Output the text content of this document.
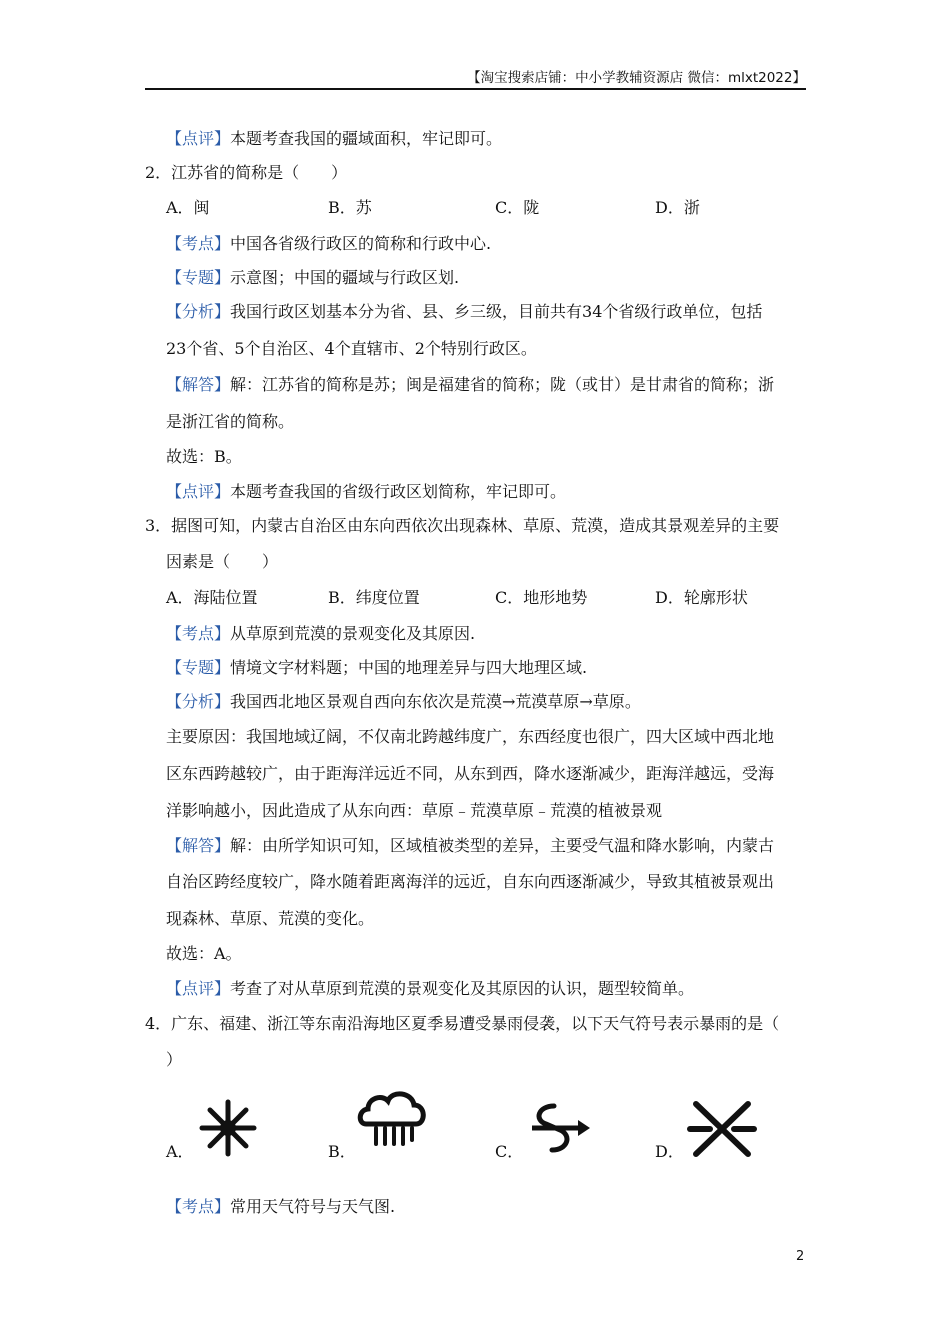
【淘宝搜索店铺：中小学教辅资源店 微信：mlxt2022】
【点评】本题考查我国的疆域面积，牢记即可。
2．江苏省的简称是（　　）
A．闽	B．苏	C．陇	D．浙
【考点】中国各省级行政区的简称和行政中心.
【专题】示意图；中国的疆域与行政区划.
【分析】我国行政区划基本分为省、县、乡三级，目前共有34个省级行政单位，包括
23个省、5个自治区、4个直辖市、2个特别行政区。
【解答】解：江苏省的简称是苏；闽是福建省的简称；陇（或甘）是甘肃省的简称；浙
是浙江省的简称。
故选：B。
【点评】本题考查我国的省级行政区划简称，牢记即可。
3．据图可知，内蒙古自治区由东向西依次出现森林、草原、荒漠，造成其景观差异的主要
因素是（　　）
A．海陆位置	B．纬度位置	C．地形地势	D．轮廓形状
【考点】从草原到荒漠的景观变化及其原因.
【专题】情境文字材料题；中国的地理差异与四大地理区域.
【分析】我国西北地区景观自西向东依次是荒漠→荒漠草原→草原。
主要原因：我国地域辽阔，不仅南北跨越纬度广，东西经度也很广，四大区域中西北地
区东西跨越较广，由于距海洋远近不同，从东到西，降水逐渐减少，距海洋越远，受海
洋影响越小，因此造成了从东向西：草原﹣荒漠草原﹣荒漠的植被景观
【解答】解：由所学知识可知，区域植被类型的差异，主要受气温和降水影响，内蒙古
自治区跨经度较广，降水随着距离海洋的远近，自东向西逐渐减少，导致其植被景观出
现森林、草原、荒漠的变化。
故选：A。
【点评】考查了对从草原到荒漠的景观变化及其原因的认识，题型较简单。
4．广东、福建、浙江等东南沿海地区夏季易遭受暴雨侵袭，以下天气符号表示暴雨的是（
）
A．	B．	C．	D．
【考点】常用天气符号与天气图.
2
